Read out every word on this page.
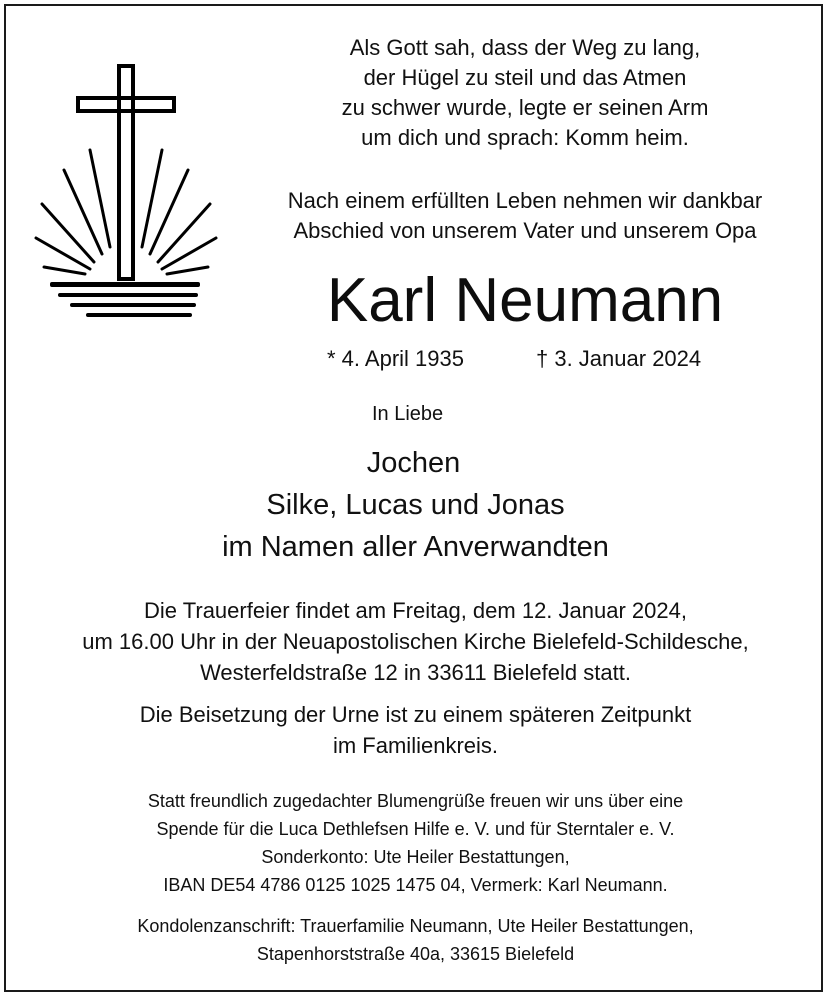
Als Gott sah, dass der Weg zu lang,
der Hügel zu steil und das Atmen
zu schwer wurde, legte er seinen Arm
um dich und sprach: Komm heim.
Nach einem erfüllten Leben nehmen wir dankbar
Abschied von unserem Vater und unserem Opa
Karl Neumann
* 4. April 1935	† 3. Januar 2024
In Liebe
Jochen
Silke, Lucas und Jonas
im Namen aller Anverwandten
Die Trauerfeier findet am Freitag, dem 12. Januar 2024,
um 16.00 Uhr in der Neuapostolischen Kirche Bielefeld-Schildesche,
Westerfeldstraße 12 in 33611 Bielefeld statt.
Die Beisetzung der Urne ist zu einem späteren Zeitpunkt
im Familienkreis.
Statt freundlich zugedachter Blumengrüße freuen wir uns über eine
Spende für die Luca Dethlefsen Hilfe e. V. und für Sterntaler e. V.
Sonderkonto: Ute Heiler Bestattungen,
IBAN DE54 4786 0125 1025 1475 04, Vermerk: Karl Neumann.
Kondolenzanschrift: Trauerfamilie Neumann, Ute Heiler Bestattungen,
Stapenhorststraße 40a, 33615 Bielefeld
